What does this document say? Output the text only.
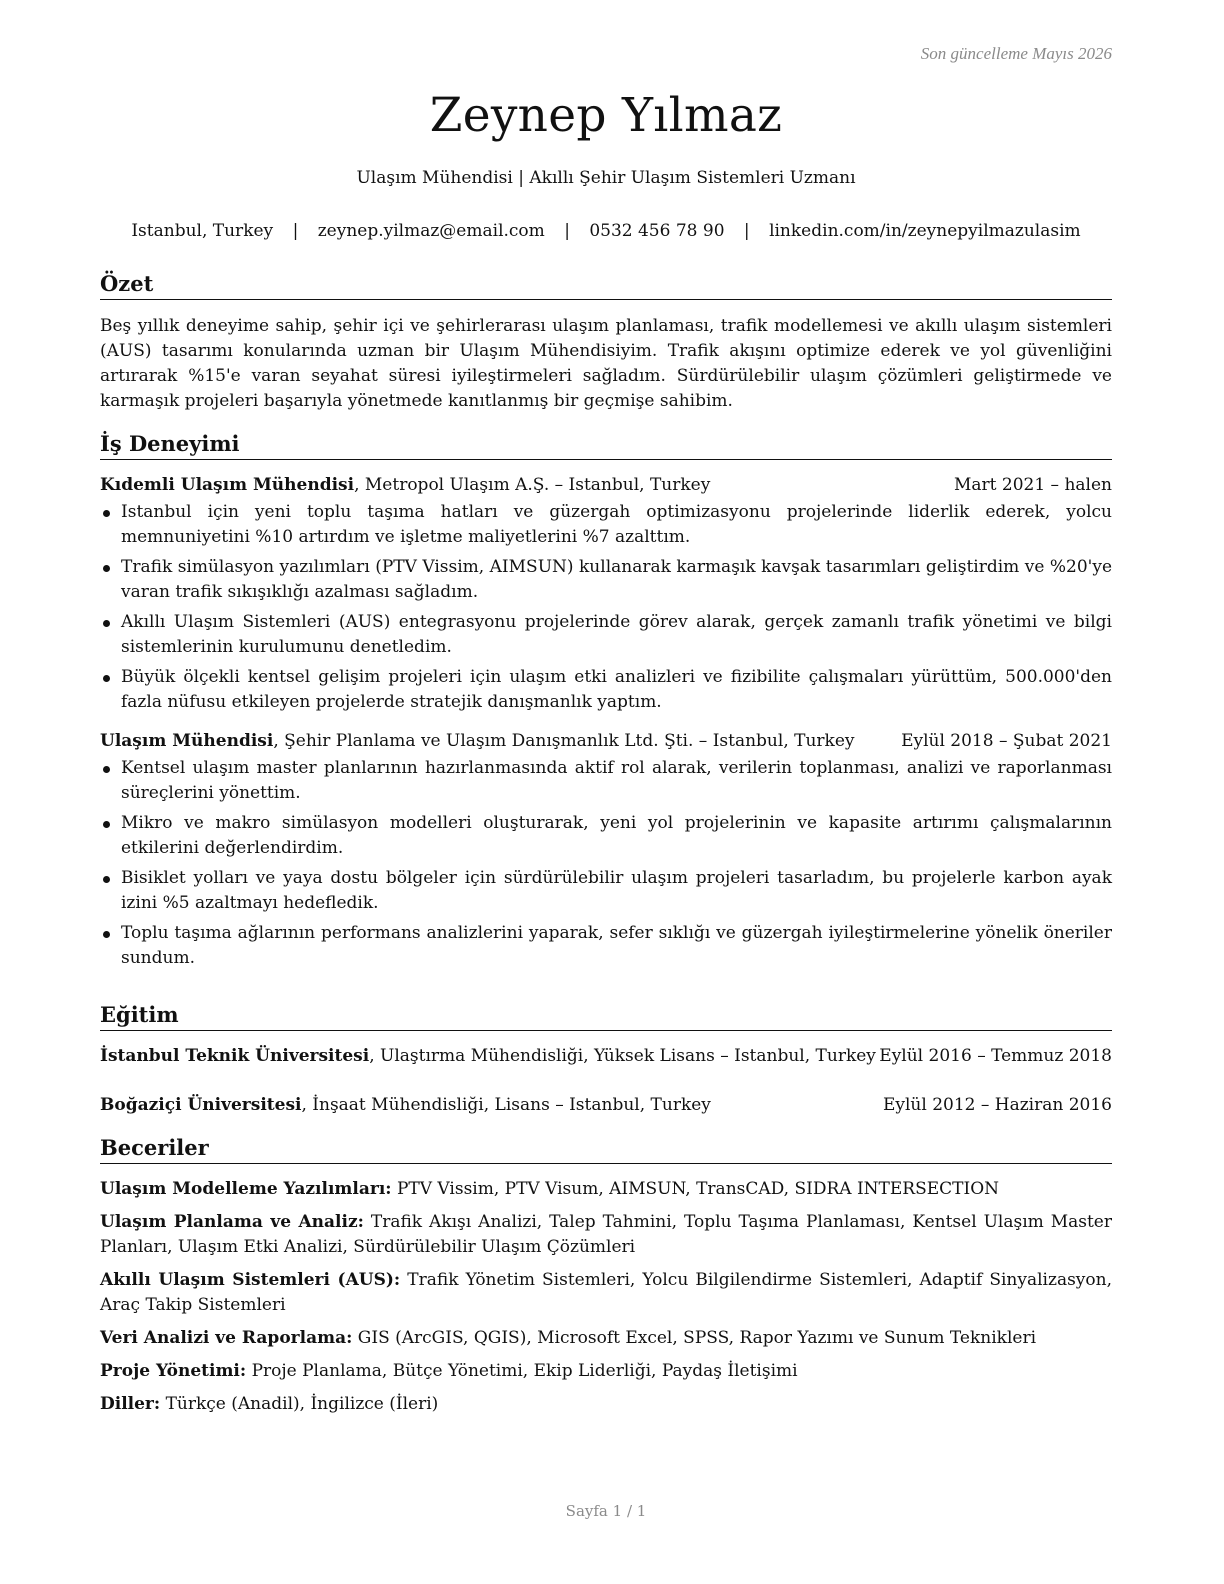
Son güncelleme Mayıs 2026
Zeynep Yılmaz
Ulaşım Mühendisi | Akıllı Şehir Ulaşım Sistemleri Uzmanı
Istanbul, Turkey | zeynep.yilmaz@email.com | 0532 456 78 90 | linkedin.com/in/zeynepyilmazulasim
Özet

Beş yıllık deneyime sahip, şehir içi ve şehirlerarası ulaşım planlaması, trafik modellemesi ve akıllı ulaşım sistemleri (AUS) tasarımı konularında uzman bir Ulaşım Mühendisiyim. Trafik akışını optimize ederek ve yol güvenliğini artırarak %15'e varan seyahat süresi iyileştirmeleri sağladım. Sürdürülebilir ulaşım çözümleri geliştirmede ve karmaşık projeleri başarıyla yönetmede kanıtlanmış bir geçmişe sahibim.

İş Deneyimi
Kıdemli Ulaşım Mühendisi, Metropol Ulaşım A.Ş. – Istanbul, Turkey	Mart 2021 – halen
Istanbul için yeni toplu taşıma hatları ve güzergah optimizasyonu projelerinde liderlik ederek, yolcu memnuniyetini %10 artırdım ve işletme maliyetlerini %7 azalttım.
Trafik simülasyon yazılımları (PTV Vissim, AIMSUN) kullanarak karmaşık kavşak tasarımları geliştirdim ve %20'ye varan trafik sıkışıklığı azalması sağladım.
Akıllı Ulaşım Sistemleri (AUS) entegrasyonu projelerinde görev alarak, gerçek zamanlı trafik yönetimi ve bilgi sistemlerinin kurulumunu denetledim.
Büyük ölçekli kentsel gelişim projeleri için ulaşım etki analizleri ve fizibilite çalışmaları yürüttüm, 500.000'den fazla nüfusu etkileyen projelerde stratejik danışmanlık yaptım.
Ulaşım Mühendisi, Şehir Planlama ve Ulaşım Danışmanlık Ltd. Şti. – Istanbul, Turkey	Eylül 2018 – Şubat 2021
Kentsel ulaşım master planlarının hazırlanmasında aktif rol alarak, verilerin toplanması, analizi ve raporlanması süreçlerini yönettim.
Mikro ve makro simülasyon modelleri oluşturarak, yeni yol projelerinin ve kapasite artırımı çalışmalarının etkilerini değerlendirdim.
Bisiklet yolları ve yaya dostu bölgeler için sürdürülebilir ulaşım projeleri tasarladım, bu projelerle karbon ayak izini %5 azaltmayı hedefledik.
Toplu taşıma ağlarının performans analizlerini yaparak, sefer sıklığı ve güzergah iyileştirmelerine yönelik öneriler sundum.
Eğitim
İstanbul Teknik Üniversitesi, Ulaştırma Mühendisliği, Yüksek Lisans – Istanbul, Turkey Eylül 2016 – Temmuz 2018
Boğaziçi Üniversitesi, İnşaat Mühendisliği, Lisans – Istanbul, Turkey	Eylül 2012 – Haziran 2016
Beceriler
Ulaşım Modelleme Yazılımları: PTV Vissim, PTV Visum, AIMSUN, TransCAD, SIDRA INTERSECTION
Ulaşım Planlama ve Analiz: Trafik Akışı Analizi, Talep Tahmini, Toplu Taşıma Planlaması, Kentsel Ulaşım Master Planları, Ulaşım Etki Analizi, Sürdürülebilir Ulaşım Çözümleri
Akıllı Ulaşım Sistemleri (AUS): Trafik Yönetim Sistemleri, Yolcu Bilgilendirme Sistemleri, Adaptif Sinyalizasyon, Araç Takip Sistemleri
Veri Analizi ve Raporlama: GIS (ArcGIS, QGIS), Microsoft Excel, SPSS, Rapor Yazımı ve Sunum Teknikleri
Proje Yönetimi: Proje Planlama, Bütçe Yönetimi, Ekip Liderliği, Paydaş İletişimi
Diller: Türkçe (Anadil), İngilizce (İleri)
Sayfa 1 / 1
